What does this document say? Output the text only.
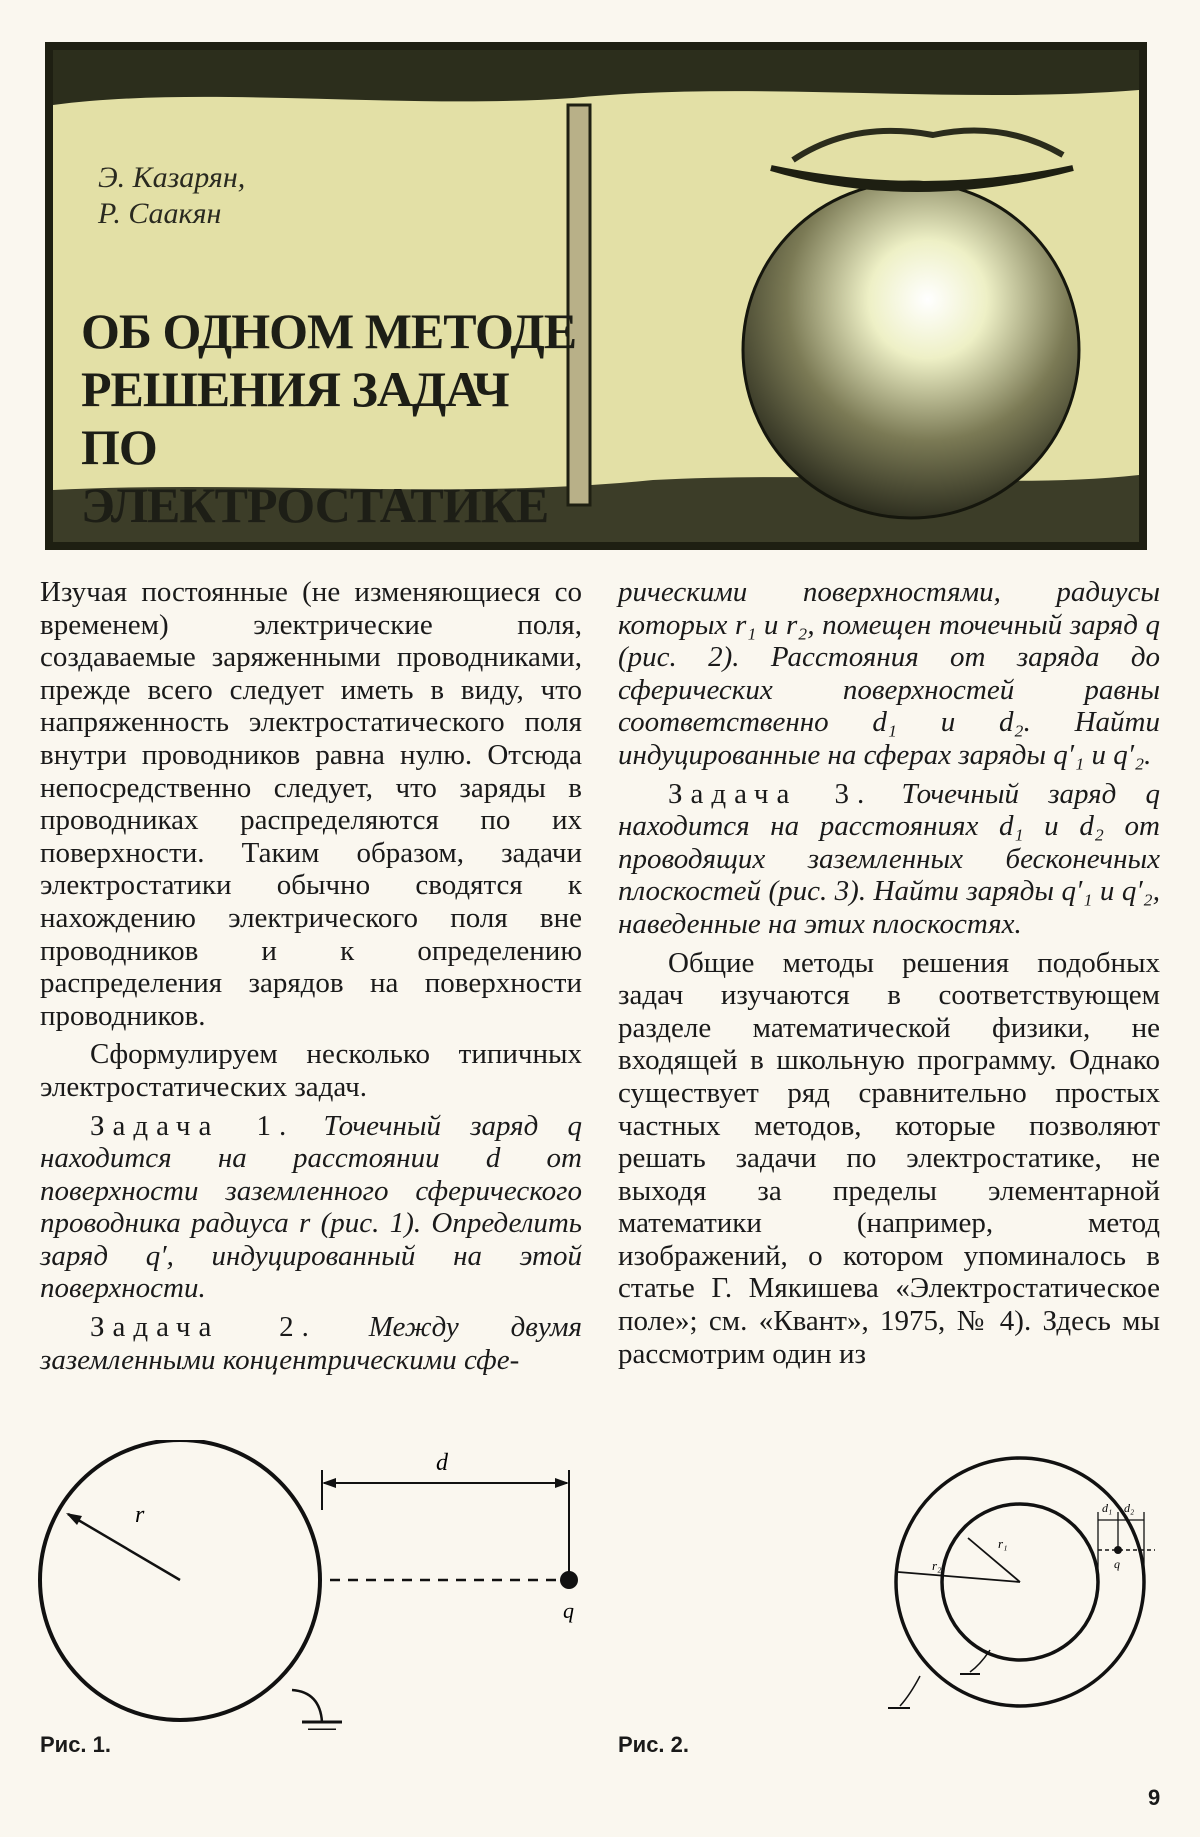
Э. Казарян,
Р. Саакян
ОБ ОДНОМ МЕТОДЕ
РЕШЕНИЯ ЗАДАЧ
ПО
ЭЛЕКТРОСТАТИКЕ

Изучая постоянные (не изменяющиеся со временем) электрические поля, создаваемые заряженными проводниками, прежде всего следует иметь в виду, что напряженность электростатического поля внутри проводников равна нулю. Отсюда непосредственно следует, что заряды в проводниках распределяются по их поверхности. Таким образом, задачи электростатики обычно сводятся к нахождению электрического поля вне проводников и к определению распределения зарядов на поверхности проводников.

Сформулируем несколько типичных электростатических задач.

Задача 1. Точечный заряд q находится на расстоянии d от поверхности заземленного сферического проводника радиуса r (рис. 1). Определить заряд q′, индуцированный на этой поверхности.

Задача 2. Между двумя заземленными концентрическими сфе-

рическими поверхностями, радиусы которых r₁ и r₂, помещен точечный заряд q (рис. 2). Расстояния от заряда до сферических поверхностей равны соответственно d₁ и d₂. Найти индуцированные на сферах заряды q′₁ и q′₂.

Задача 3. Точечный заряд q находится на расстояниях d₁ и d₂ от проводящих заземленных бесконечных плоскостей (рис. 3). Найти заряды q′₁ и q′₂, наведенные на этих плоскостях.

Общие методы решения подобных задач изучаются в соответствующем разделе математической физики, не входящей в школьную программу. Однако существует ряд сравнительно простых частных методов, которые позволяют решать задачи по электростатике, не выходя за пределы элементарной математики (например, метод изображений, о котором упоминалось в статье Г. Мякишева «Электростатическое поле»; см. «Квант», 1975, № 4). Здесь мы рассмотрим один из

r
d
q
Рис. 1.
r₂
r₁
d₁ d₂
q
Рис. 2.
9
